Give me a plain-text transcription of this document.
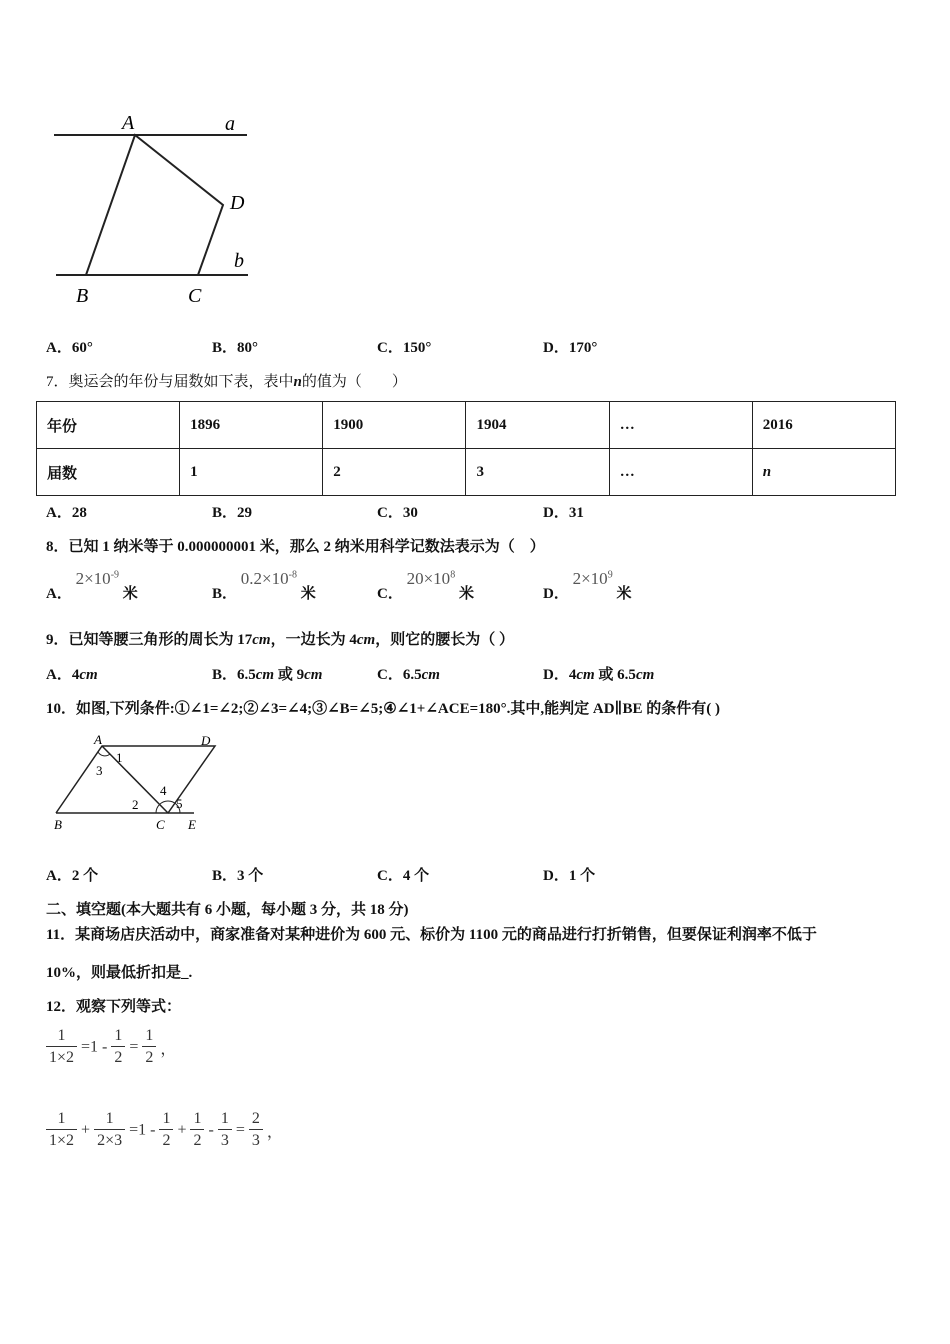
A	a
D
b
B	C
A．60°	B．80°	C．150°	D．170°
7．奥运会的年份与届数如下表，表中n的值为（　　）
年份	1896	1900	1904	…	2016
届数	1	2	3	…	n
A．28	B．29	C．30	D．31
8．已知 1 纳米等于 0.000000001 米，那么 2 纳米用科学记数法表示为（　）
A． $2\times 10^{-9}$ 米	B． $0.2\times 10^{-8}$ 米	C． $20\times 10^8$ 米	D． $2\times 10^9$ 米
9．已知等腰三角形的周长为 17cm，一边长为 4cm，则它的腰长为（ ）
A．4cm	B．6.5cm 或 9cm	C．6.5cm	D．4cm 或 6.5cm
10．如图,下列条件:①∠1=∠2;②∠3=∠4;③∠B=∠5;④∠1+∠ACE=180°.其中,能判定 AD∥BE 的条件有( )
A	D
B	C E
1
2
3
4
5
A．2 个	B．3 个	C．4 个	D．1 个
二、填空题(本大题共有 6 小题，每小题 3 分，共 18 分)
11．某商场店庆活动中，商家准备对某种进价为 600 元、标价为 1100 元的商品进行打折销售，但要保证利润率不低于
10%，则最低折扣是_.
12．观察下列等式：
$\frac{1}{1\times 2} =1 - \frac{1}{2} = \frac{1}{2}$ ，
$\frac{1}{1\times 2} + \frac{1}{2\times 3} =1 - \frac{1}{2} + \frac{1}{2} - \frac{1}{3} = \frac{2}{3}$ ，
